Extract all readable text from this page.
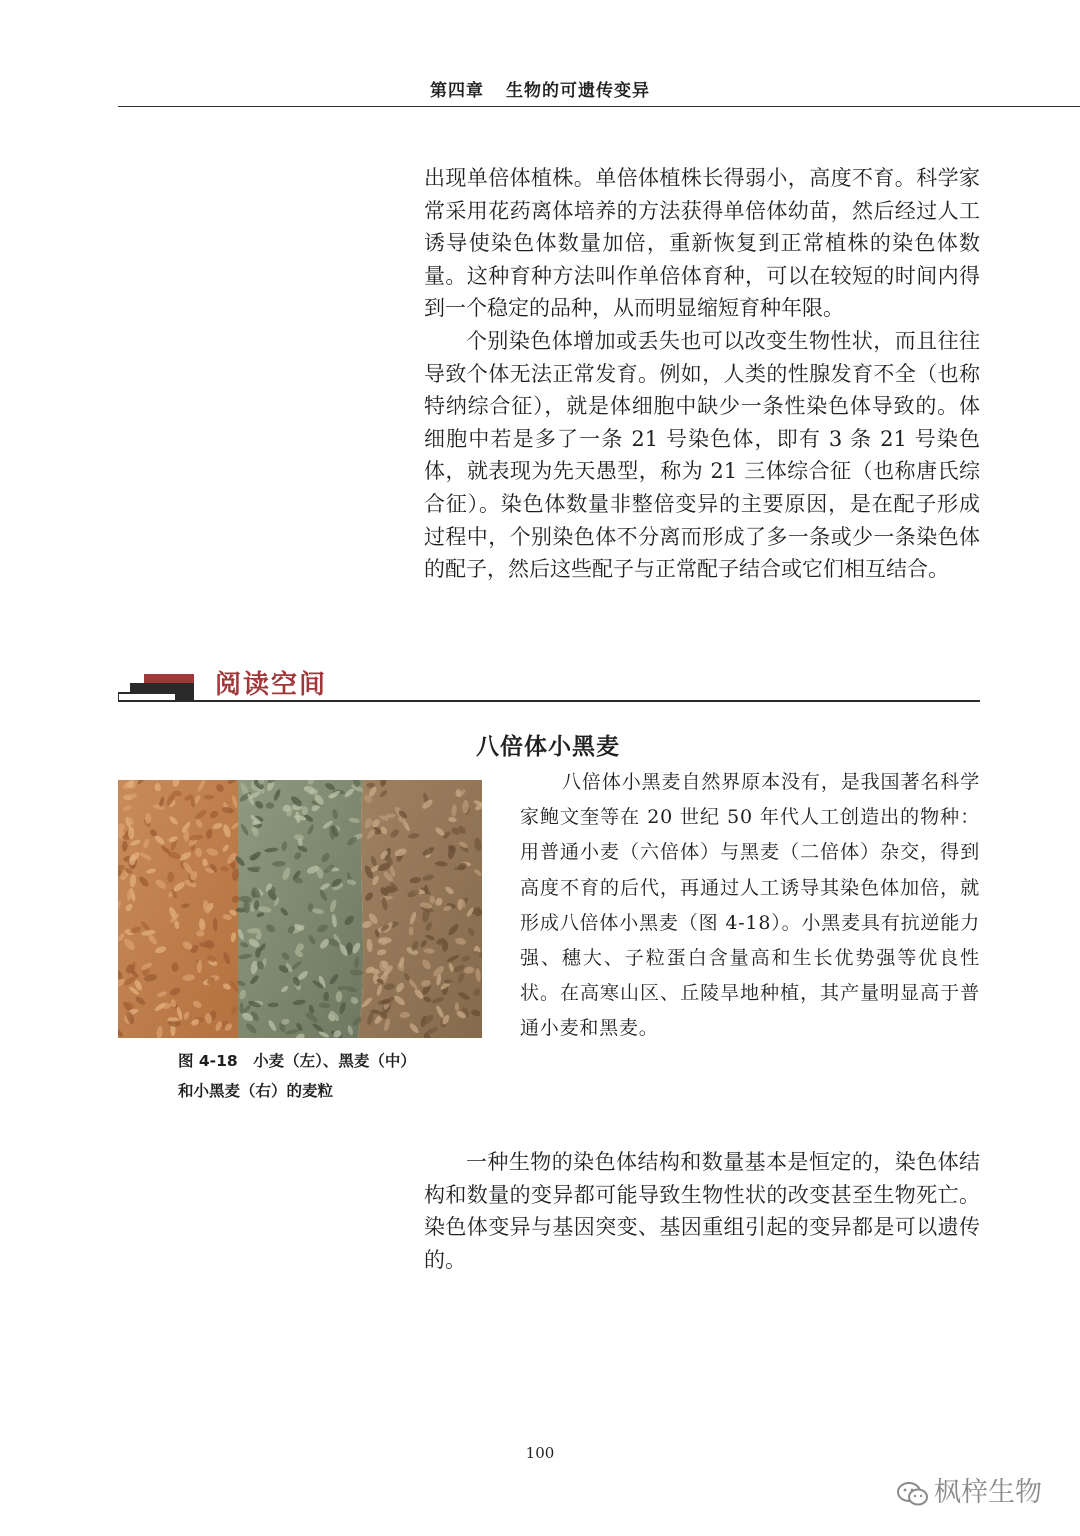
第四章 生物的可遗传变异

出现单倍体植株。单倍体植株长得弱小，高度不育。科学家常采用花药离体培养的方法获得单倍体幼苗，然后经过人工诱导使染色体数量加倍，重新恢复到正常植株的染色体数量。这种育种方法叫作单倍体育种，可以在较短的时间内得到一个稳定的品种，从而明显缩短育种年限。

个别染色体增加或丢失也可以改变生物性状，而且往往导致个体无法正常发育。例如，人类的性腺发育不全（也称特纳综合征），就是体细胞中缺少一条性染色体导致的。体细胞中若是多了一条 21 号染色体，即有 3 条 21 号染色体，就表现为先天愚型，称为 21 三体综合征（也称唐氏综合征）。染色体数量非整倍变异的主要原因，是在配子形成过程中，个别染色体不分离而形成了多一条或少一条染色体的配子，然后这些配子与正常配子结合或它们相互结合。

阅读空间
八倍体小黑麦
图 4-18　小麦（左）、黑麦（中）
和小黑麦（右）的麦粒

八倍体小黑麦自然界原本没有，是我国著名科学家鲍文奎等在 20 世纪 50 年代人工创造出的物种：用普通小麦（六倍体）与黑麦（二倍体）杂交，得到高度不育的后代，再通过人工诱导其染色体加倍，就形成八倍体小黑麦（图 4-18）。小黑麦具有抗逆能力强、穗大、子粒蛋白含量高和生长优势强等优良性状。在高寒山区、丘陵旱地种植，其产量明显高于普通小麦和黑麦。

一种生物的染色体结构和数量基本是恒定的，染色体结构和数量的变异都可能导致生物性状的改变甚至生物死亡。染色体变异与基因突变、基因重组引起的变异都是可以遗传的。

100
枫梓生物
